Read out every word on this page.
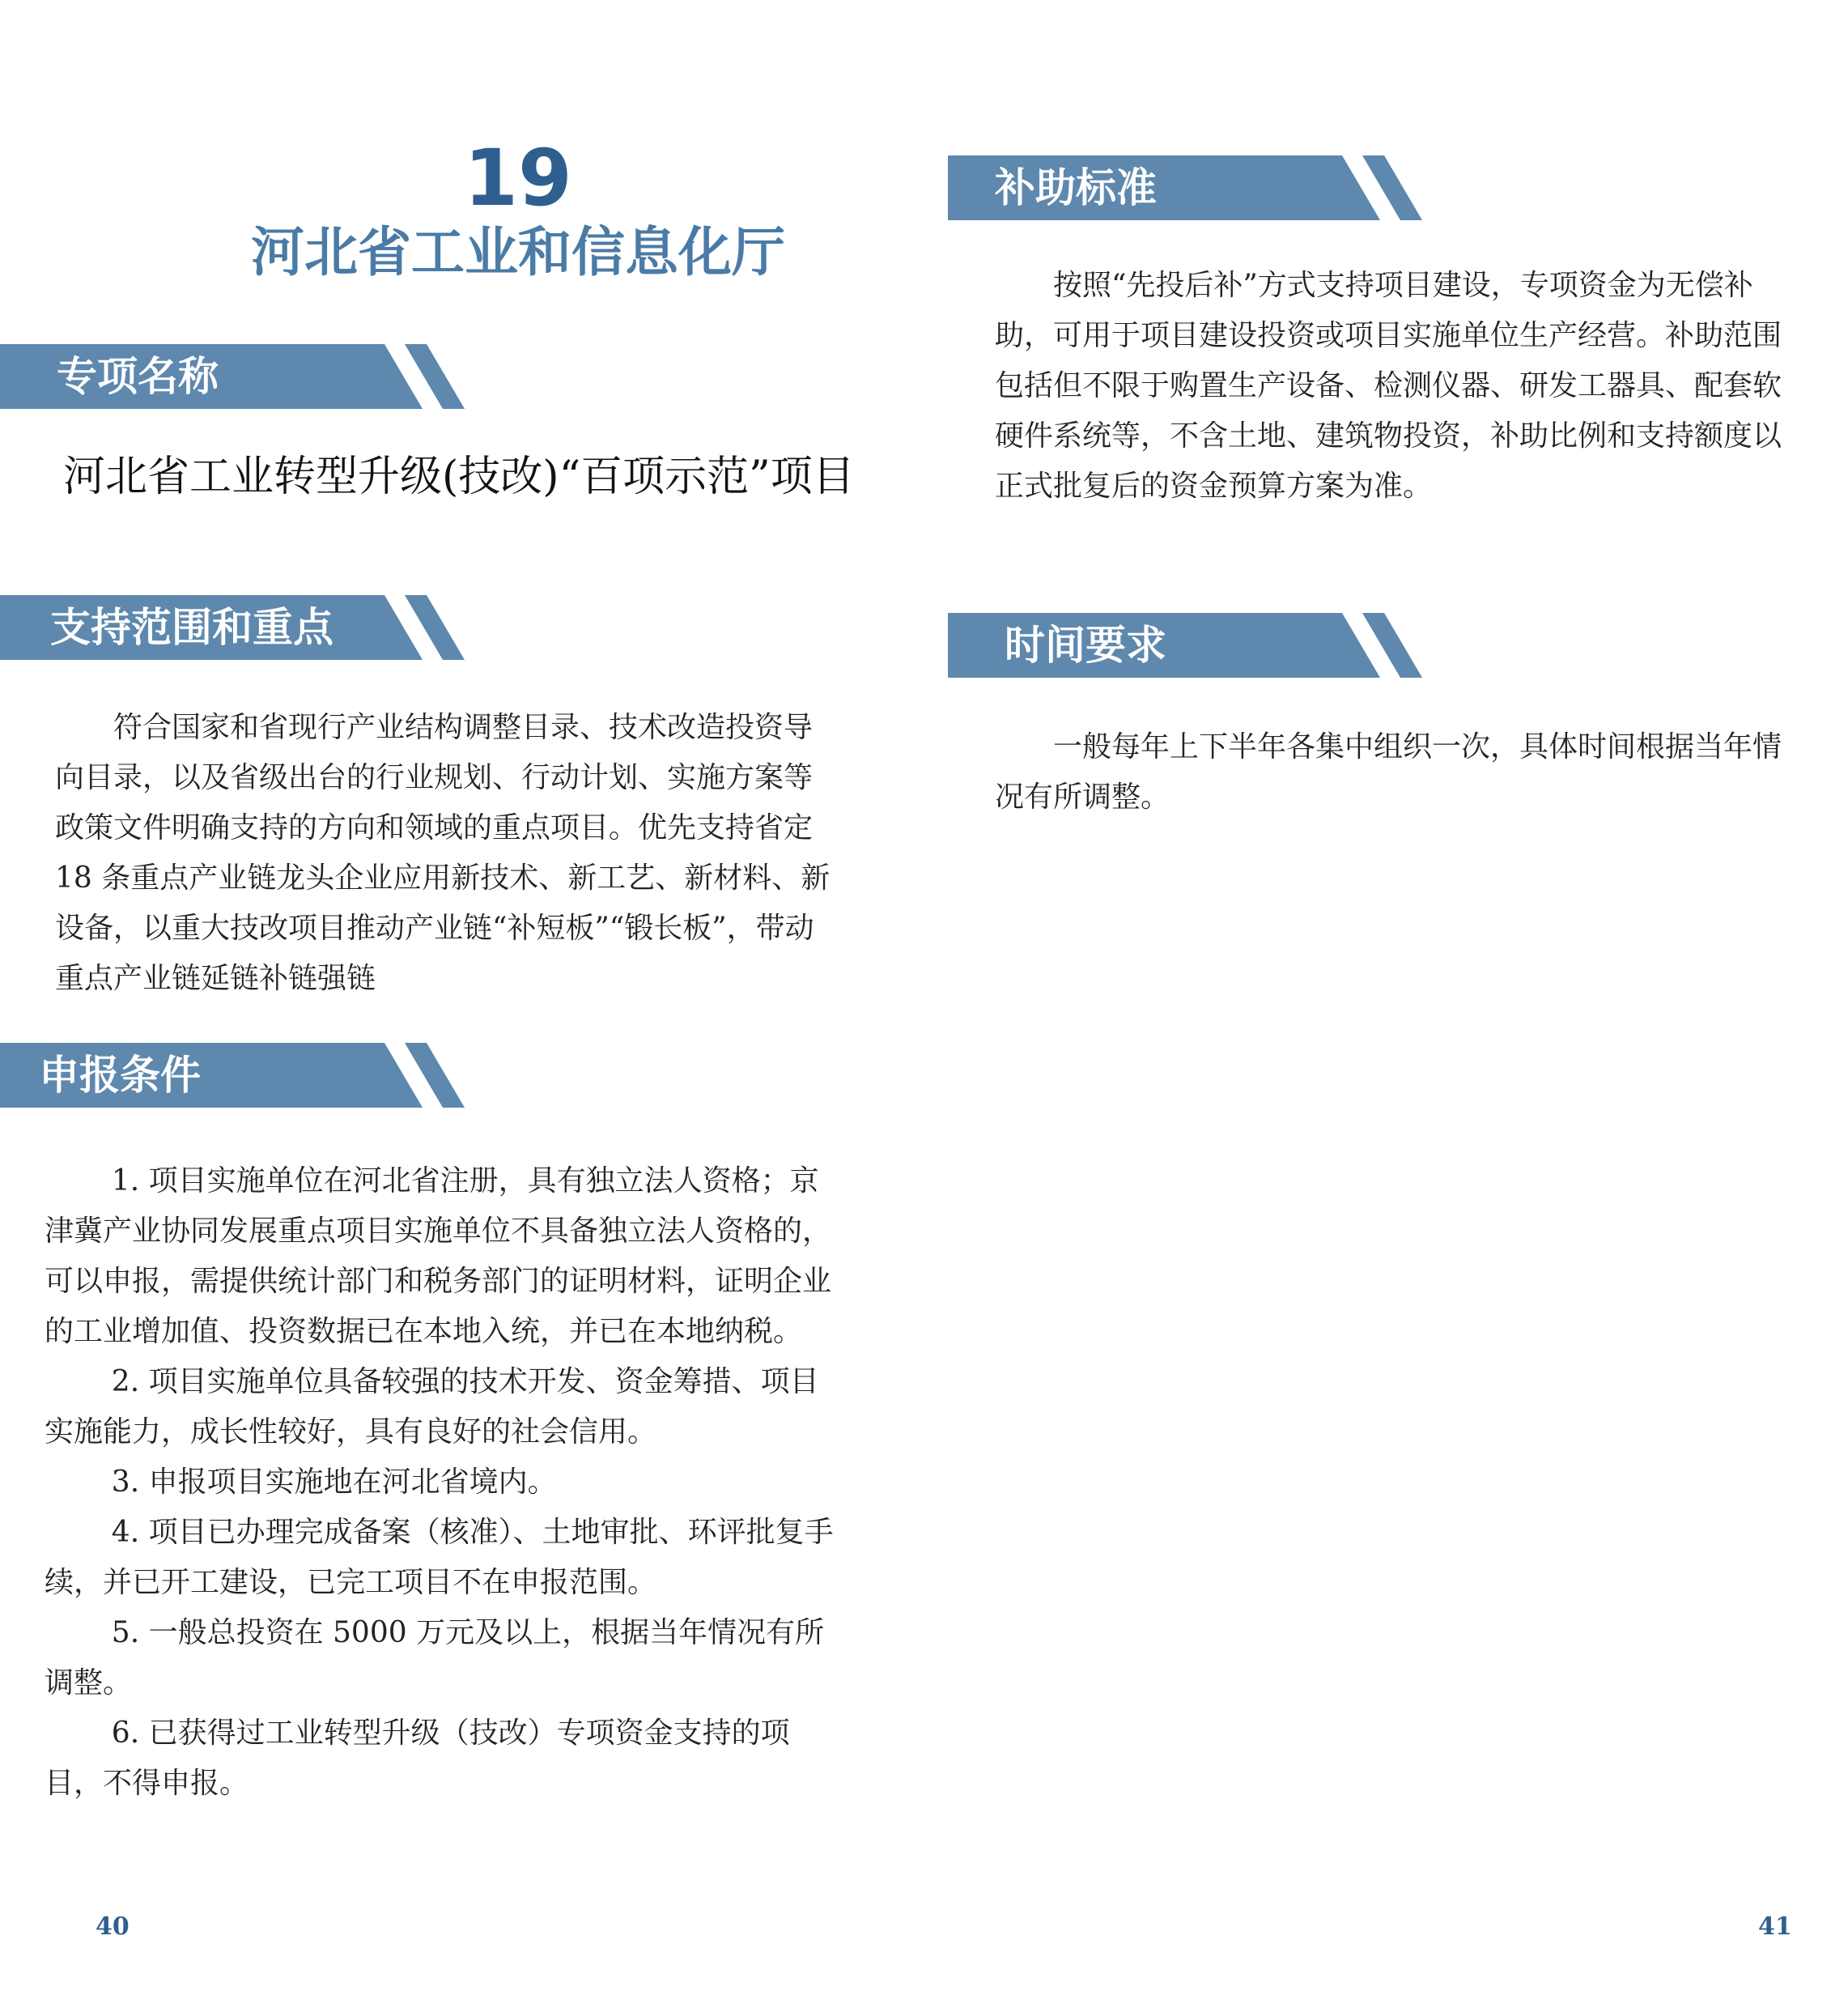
19
河北省工业和信息化厅
专项名称
河北省工业转型升级(技改)“百项示范”项目
支持范围和重点

符合国家和省现行产业结构调整目录、技术改造投资导向目录，以及省级出台的行业规划、行动计划、实施方案等政策文件明确支持的方向和领域的重点项目。优先支持省定 18 条重点产业链龙头企业应用新技术、新工艺、新材料、新设备，以重大技改项目推动产业链“补短板”“锻长板”，带动重点产业链延链补链强链

申报条件

1. 项目实施单位在河北省注册，具有独立法人资格；京津冀产业协同发展重点项目实施单位不具备独立法人资格的，可以申报，需提供统计部门和税务部门的证明材料，证明企业的工业增加值、投资数据已在本地入统，并已在本地纳税。

2. 项目实施单位具备较强的技术开发、资金筹措、项目实施能力，成长性较好，具有良好的社会信用。

3. 申报项目实施地在河北省境内。

4. 项目已办理完成备案（核准）、土地审批、环评批复手续，并已开工建设，已完工项目不在申报范围。

5. 一般总投资在 5000 万元及以上，根据当年情况有所调整。

6. 已获得过工业转型升级（技改）专项资金支持的项目，不得申报。

40
补助标准

按照“先投后补”方式支持项目建设，专项资金为无偿补助，可用于项目建设投资或项目实施单位生产经营。补助范围包括但不限于购置生产设备、检测仪器、研发工器具、配套软硬件系统等，不含土地、建筑物投资，补助比例和支持额度以正式批复后的资金预算方案为准。

时间要求

一般每年上下半年各集中组织一次，具体时间根据当年情况有所调整。

41
